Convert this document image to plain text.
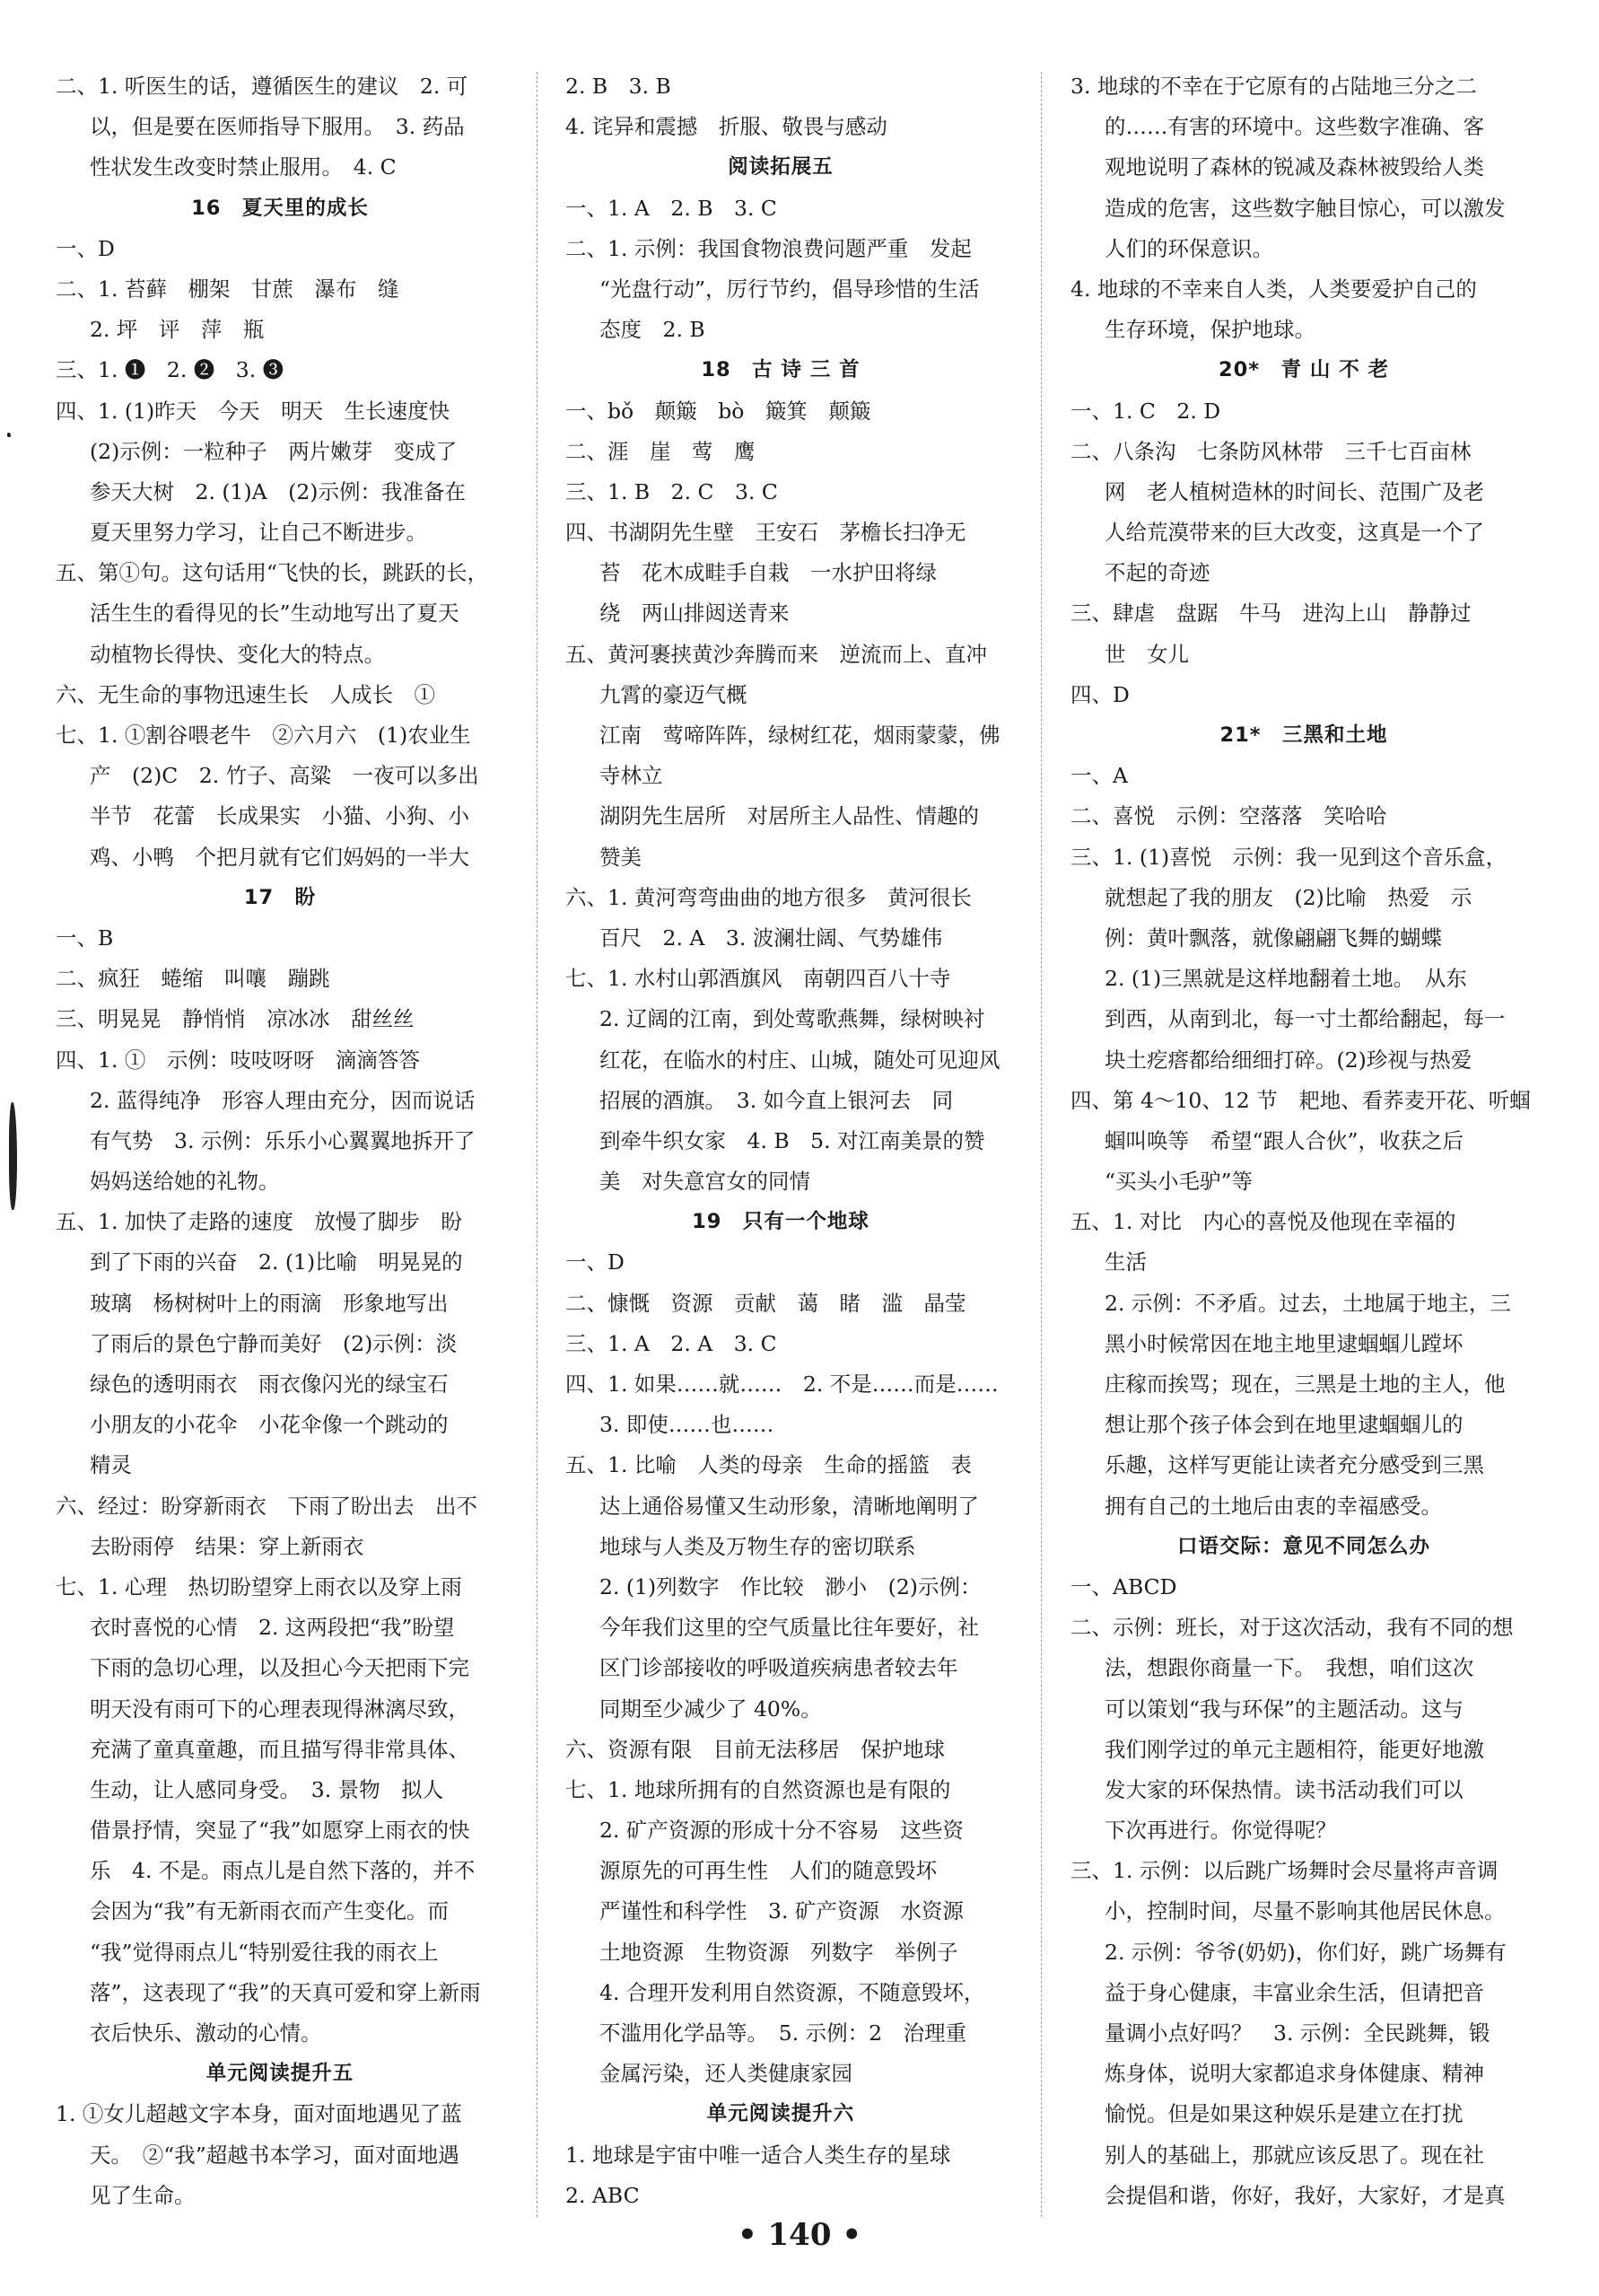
二、1. 听医生的话，遵循医生的建议　2. 可
以，但是要在医师指导下服用。　3. 药品
性状发生改变时禁止服用。　4. C
16　夏天里的成长
一、D
二、1. 苔藓　棚架　甘蔗　瀑布　缝
2. 坪　评　萍　瓶
三、1. ❶　2. ❷　3. ❸
四、1. (1)昨天　今天　明天　生长速度快
(2)示例：一粒种子　两片嫩芽　变成了
参天大树　2. (1)A　(2)示例：我准备在
夏天里努力学习，让自己不断进步。
五、第①句。这句话用“飞快的长，跳跃的长，
活生生的看得见的长”生动地写出了夏天
动植物长得快、变化大的特点。
六、无生命的事物迅速生长　人成长　①
七、1. ①割谷喂老牛　②六月六　(1)农业生
产　(2)C　2. 竹子、高粱　一夜可以多出
半节　花蕾　长成果实　小猫、小狗、小
鸡、小鸭　个把月就有它们妈妈的一半大
17　盼
一、B
二、疯狂　蜷缩　叫嚷　蹦跳
三、明晃晃　静悄悄　凉冰冰　甜丝丝
四、1. ①　示例：吱吱呀呀　滴滴答答
2. 蓝得纯净　形容人理由充分，因而说话
有气势　3. 示例：乐乐小心翼翼地拆开了
妈妈送给她的礼物。
五、1. 加快了走路的速度　放慢了脚步　盼
到了下雨的兴奋　2. (1)比喻　明晃晃的
玻璃　杨树树叶上的雨滴　形象地写出
了雨后的景色宁静而美好　(2)示例：淡
绿色的透明雨衣　雨衣像闪光的绿宝石
小朋友的小花伞　小花伞像一个跳动的
精灵
六、经过：盼穿新雨衣　下雨了盼出去　出不
去盼雨停　结果：穿上新雨衣
七、1. 心理　热切盼望穿上雨衣以及穿上雨
衣时喜悦的心情　2. 这两段把“我”盼望
下雨的急切心理，以及担心今天把雨下完
明天没有雨可下的心理表现得淋漓尽致，
充满了童真童趣，而且描写得非常具体、
生动，让人感同身受。　3. 景物　拟人
借景抒情，突显了“我”如愿穿上雨衣的快
乐　4. 不是。雨点儿是自然下落的，并不
会因为“我”有无新雨衣而产生变化。而
“我”觉得雨点儿“特别爱往我的雨衣上
落”，这表现了“我”的天真可爱和穿上新雨
衣后快乐、激动的心情。
单元阅读提升五
1. ①女儿超越文字本身，面对面地遇见了蓝
天。　②“我”超越书本学习，面对面地遇
见了生命。
2. B　3. B
4. 诧异和震撼　折服、敬畏与感动
阅读拓展五
一、1. A　2. B　3. C
二、1. 示例：我国食物浪费问题严重　发起
“光盘行动”，厉行节约，倡导珍惜的生活
态度　2. B
18　古 诗 三 首
一、bǒ　颠簸　bò　簸箕　颠簸
二、涯　崖　莺　鹰
三、1. B　2. C　3. C
四、书湖阴先生壁　王安石　茅檐长扫净无
苔　花木成畦手自栽　一水护田将绿
绕　两山排闼送青来
五、黄河裹挟黄沙奔腾而来　逆流而上、直冲
九霄的豪迈气概
江南　莺啼阵阵，绿树红花，烟雨蒙蒙，佛
寺林立
湖阴先生居所　对居所主人品性、情趣的
赞美
六、1. 黄河弯弯曲曲的地方很多　黄河很长
百尺　2. A　3. 波澜壮阔、气势雄伟
七、1. 水村山郭酒旗风　南朝四百八十寺
2. 辽阔的江南，到处莺歌燕舞，绿树映衬
红花，在临水的村庄、山城，随处可见迎风
招展的酒旗。　3. 如今直上银河去　同
到牵牛织女家　4. B　5. 对江南美景的赞
美　对失意宫女的同情
19　只有一个地球
一、D
二、慷慨　资源　贡献　蔼　睹　滥　晶莹
三、1. A　2. A　3. C
四、1. 如果……就……　2. 不是……而是……
3. 即使……也……
五、1. 比喻　人类的母亲　生命的摇篮　表
达上通俗易懂又生动形象，清晰地阐明了
地球与人类及万物生存的密切联系
2. (1)列数字　作比较　渺小　(2)示例：
今年我们这里的空气质量比往年要好，社
区门诊部接收的呼吸道疾病患者较去年
同期至少减少了 40%。
六、资源有限　目前无法移居　保护地球
七、1. 地球所拥有的自然资源也是有限的
2. 矿产资源的形成十分不容易　这些资
源原先的可再生性　人们的随意毁坏
严谨性和科学性　3. 矿产资源　水资源
土地资源　生物资源　列数字　举例子
4. 合理开发利用自然资源，不随意毁坏，
不滥用化学品等。　5. 示例：2　治理重
金属污染，还人类健康家园
单元阅读提升六
1. 地球是宇宙中唯一适合人类生存的星球
2. ABC
3. 地球的不幸在于它原有的占陆地三分之二
的……有害的环境中。这些数字准确、客
观地说明了森林的锐减及森林被毁给人类
造成的危害，这些数字触目惊心，可以激发
人们的环保意识。
4. 地球的不幸来自人类，人类要爱护自己的
生存环境，保护地球。
20*　青 山 不 老
一、1. C　2. D
二、八条沟　七条防风林带　三千七百亩林
网　老人植树造林的时间长、范围广及老
人给荒漠带来的巨大改变，这真是一个了
不起的奇迹
三、肆虐　盘踞　牛马　进沟上山　静静过
世　女儿
四、D
21*　三黑和土地
一、A
二、喜悦　示例：空落落　笑哈哈
三、1. (1)喜悦　示例：我一见到这个音乐盒，
就想起了我的朋友　(2)比喻　热爱　示
例：黄叶飘落，就像翩翩飞舞的蝴蝶
2. (1)三黑就是这样地翻着土地。　从东
到西，从南到北，每一寸土都给翻起，每一
块土疙瘩都给细细打碎。(2)珍视与热爱
四、第 4～10、12 节　耙地、看荞麦开花、听蝈
蝈叫唤等　希望“跟人合伙”，收获之后
“买头小毛驴”等
五、1. 对比　内心的喜悦及他现在幸福的
生活
2. 示例：不矛盾。过去，土地属于地主，三
黑小时候常因在地主地里逮蝈蝈儿蹚坏
庄稼而挨骂；现在，三黑是土地的主人，他
想让那个孩子体会到在地里逮蝈蝈儿的
乐趣，这样写更能让读者充分感受到三黑
拥有自己的土地后由衷的幸福感受。
口语交际：意见不同怎么办
一、ABCD
二、示例：班长，对于这次活动，我有不同的想
法，想跟你商量一下。　我想，咱们这次
可以策划“我与环保”的主题活动。这与
我们刚学过的单元主题相符，能更好地激
发大家的环保热情。读书活动我们可以
下次再进行。你觉得呢？
三、1. 示例：以后跳广场舞时会尽量将声音调
小，控制时间，尽量不影响其他居民休息。
2. 示例：爷爷(奶奶)，你们好，跳广场舞有
益于身心健康，丰富业余生活，但请把音
量调小点好吗？　3. 示例：全民跳舞，锻
炼身体，说明大家都追求身体健康、精神
愉悦。但是如果这种娱乐是建立在打扰
别人的基础上，那就应该反思了。现在社
会提倡和谐，你好，我好，大家好，才是真
• 140 •
